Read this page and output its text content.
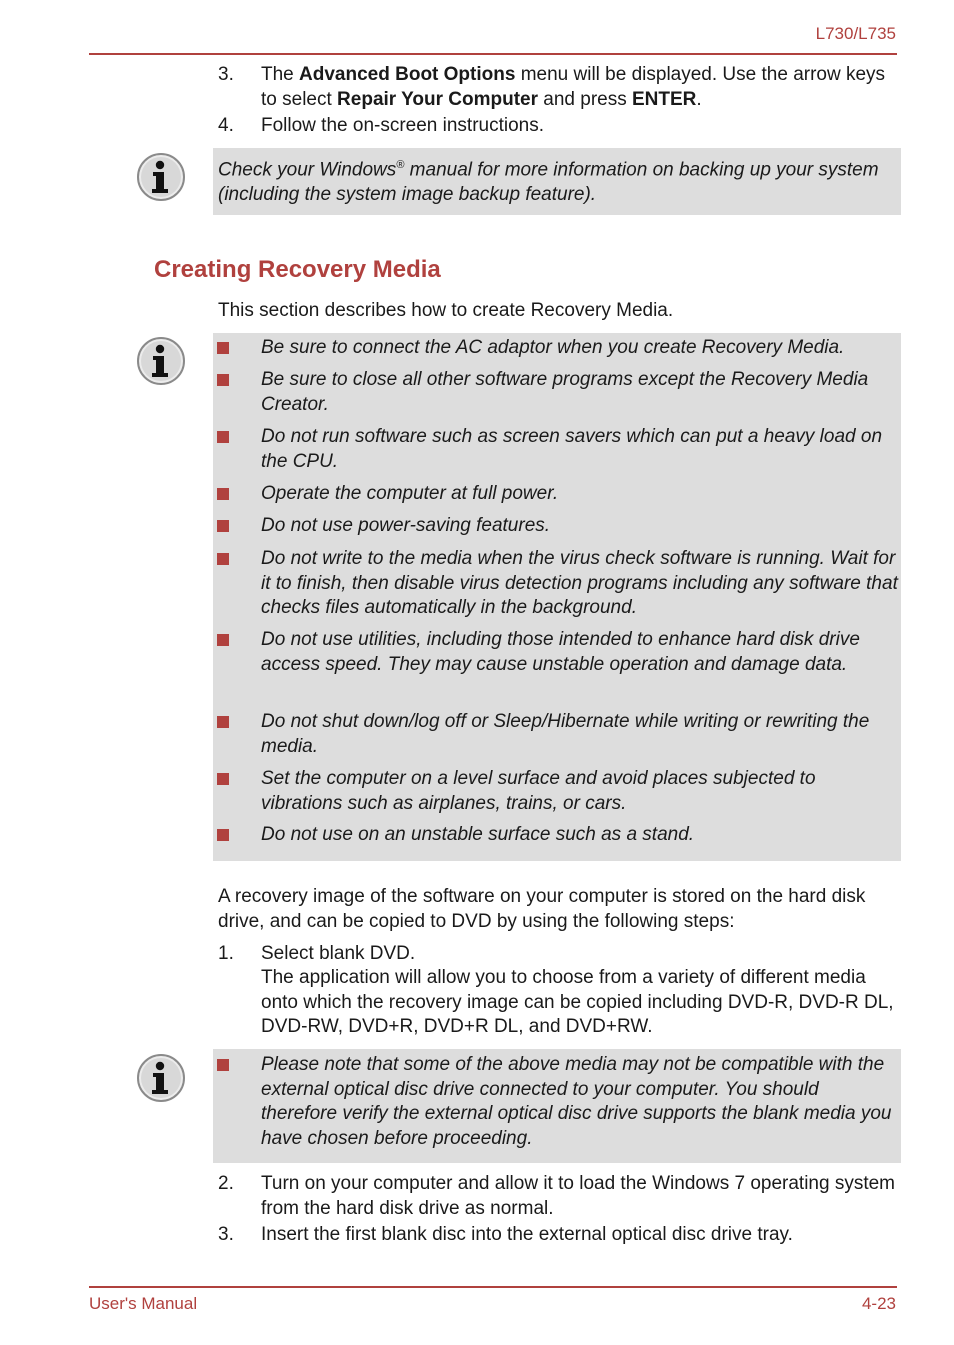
L730/L735
3.	The Advanced Boot Options menu will be displayed. Use the arrow keys to select Repair Your Computer and press ENTER.
4.	Follow the on-screen instructions.
Check your Windows® manual for more information on backing up your system (including the system image backup feature).
Creating Recovery Media
This section describes how to create Recovery Media.
Be sure to connect the AC adaptor when you create Recovery Media.
Be sure to close all other software programs except the Recovery Media Creator.
Do not run software such as screen savers which can put a heavy load on the CPU.
Operate the computer at full power.
Do not use power-saving features.
Do not write to the media when the virus check software is running. Wait for it to finish, then disable virus detection programs including any software that checks files automatically in the background.
Do not use utilities, including those intended to enhance hard disk drive access speed. They may cause unstable operation and damage data.
Do not shut down/log off or Sleep/Hibernate while writing or rewriting the media.
Set the computer on a level surface and avoid places subjected to vibrations such as airplanes, trains, or cars.
Do not use on an unstable surface such as a stand.
A recovery image of the software on your computer is stored on the hard disk drive, and can be copied to DVD by using the following steps:
1.	Select blank DVD.
The application will allow you to choose from a variety of different media onto which the recovery image can be copied including DVD-R, DVD-R DL, DVD-RW, DVD+R, DVD+R DL, and DVD+RW.
Please note that some of the above media may not be compatible with the external optical disc drive connected to your computer. You should therefore verify the external optical disc drive supports the blank media you have chosen before proceeding.
2.	Turn on your computer and allow it to load the Windows 7 operating system from the hard disk drive as normal.
3.	Insert the first blank disc into the external optical disc drive tray.
User's Manual	4-23
